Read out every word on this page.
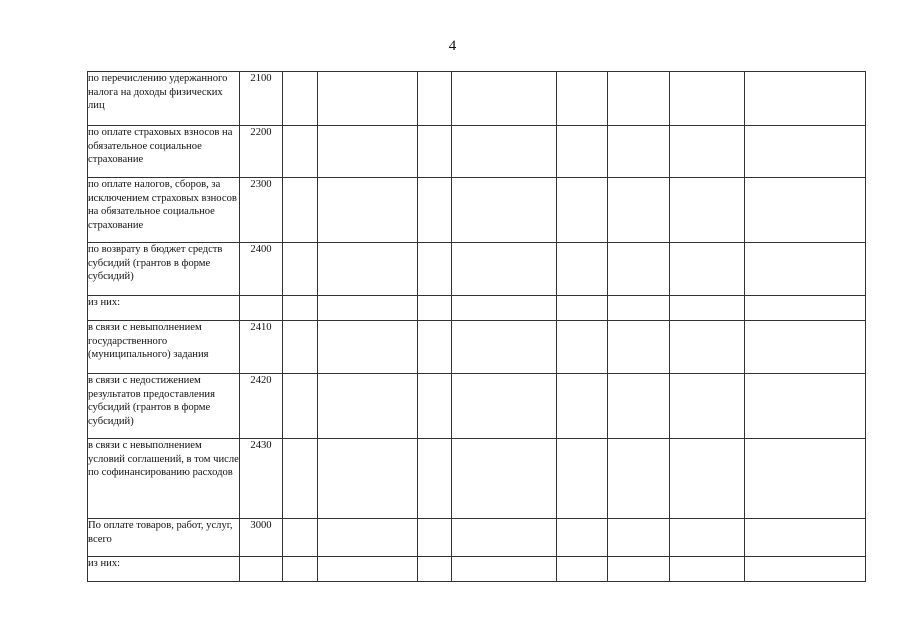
4
по перечислению удержанного налога на доходы физических лиц	2100								
по оплате страховых взносов на обязательное социальное страхование	2200								
по оплате налогов, сборов, за исключением страховых взносов на обязательное социальное страхование	2300								
по возврату в бюджет средств субсидий (грантов в форме субсидий)	2400								
из них:									
в связи с невыполнением государственного (муниципального) задания	2410								
в связи с недостижением результатов предоставления субсидий (грантов в форме субсидий)	2420								
в связи с невыполнением условий соглашений, в том числе по софинансированию расходов	2430								
По оплате товаров, работ, услуг, всего	3000								
из них:									
